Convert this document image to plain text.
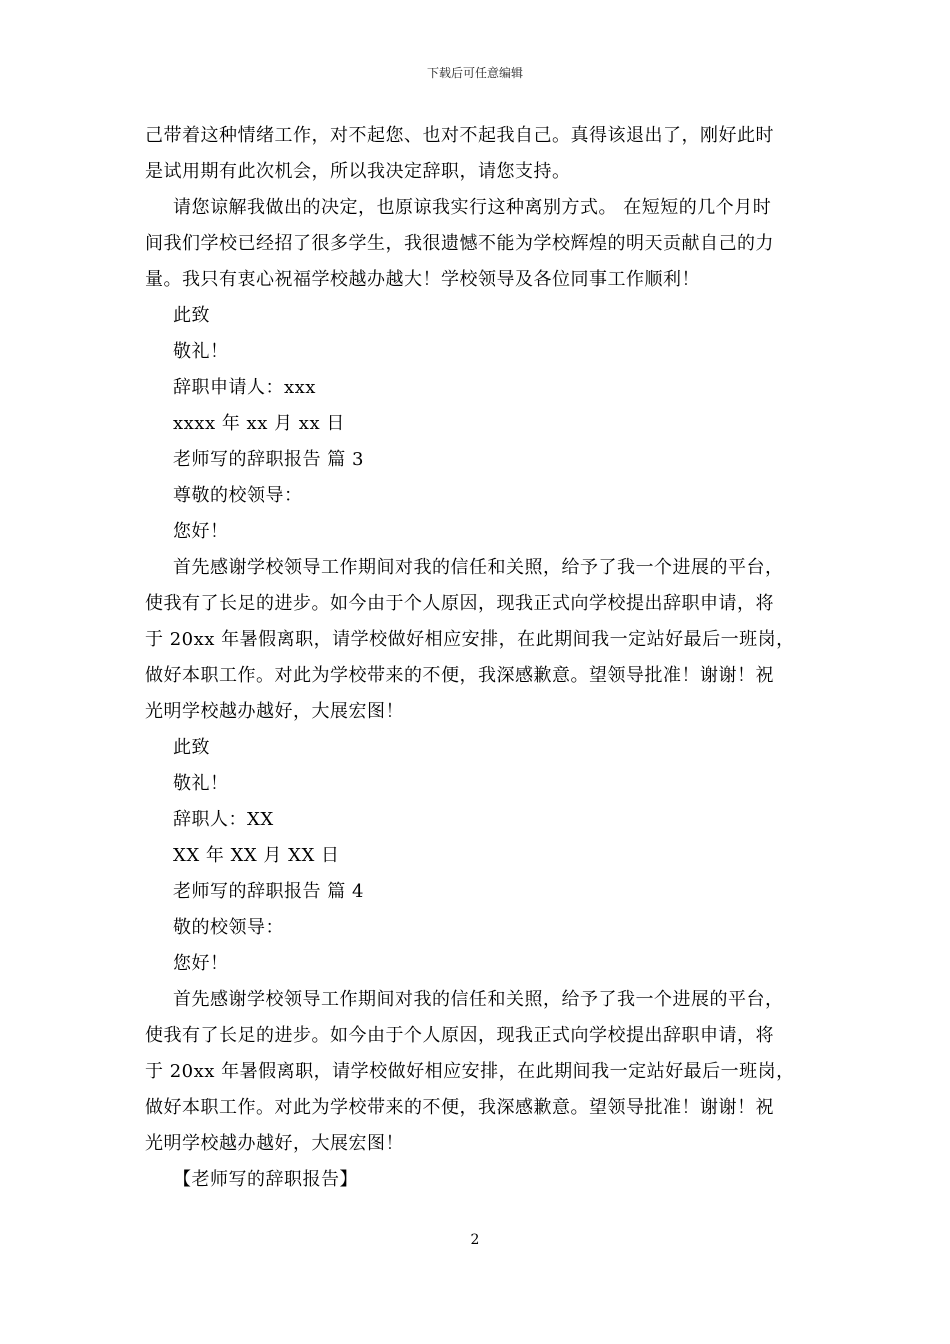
下载后可任意编辑

己带着这种情绪工作，对不起您、也对不起我自己。真得该退出了，刚好此时

是试用期有此次机会，所以我决定辞职，请您支持。

请您谅解我做出的决定，也原谅我实行这种离别方式。 在短短的几个月时

间我们学校已经招了很多学生，我很遗憾不能为学校辉煌的明天贡献自己的力

量。我只有衷心祝福学校越办越大！学校领导及各位同事工作顺利！

此致

敬礼！

辞职申请人：xxx

xxxx 年 xx 月 xx 日

老师写的辞职报告 篇 3

尊敬的校领导：

您好！

首先感谢学校领导工作期间对我的信任和关照，给予了我一个进展的平台，

使我有了长足的进步。如今由于个人原因，现我正式向学校提出辞职申请，将

于 20xx 年暑假离职，请学校做好相应安排，在此期间我一定站好最后一班岗，

做好本职工作。对此为学校带来的不便，我深感歉意。望领导批准！谢谢！祝

光明学校越办越好，大展宏图！

此致

敬礼！

辞职人：XX

XX 年 XX 月 XX 日

老师写的辞职报告 篇 4

敬的校领导：

您好！

首先感谢学校领导工作期间对我的信任和关照，给予了我一个进展的平台，

使我有了长足的进步。如今由于个人原因，现我正式向学校提出辞职申请，将

于 20xx 年暑假离职，请学校做好相应安排，在此期间我一定站好最后一班岗，

做好本职工作。对此为学校带来的不便，我深感歉意。望领导批准！谢谢！祝

光明学校越办越好，大展宏图！

【老师写的辞职报告】

2
